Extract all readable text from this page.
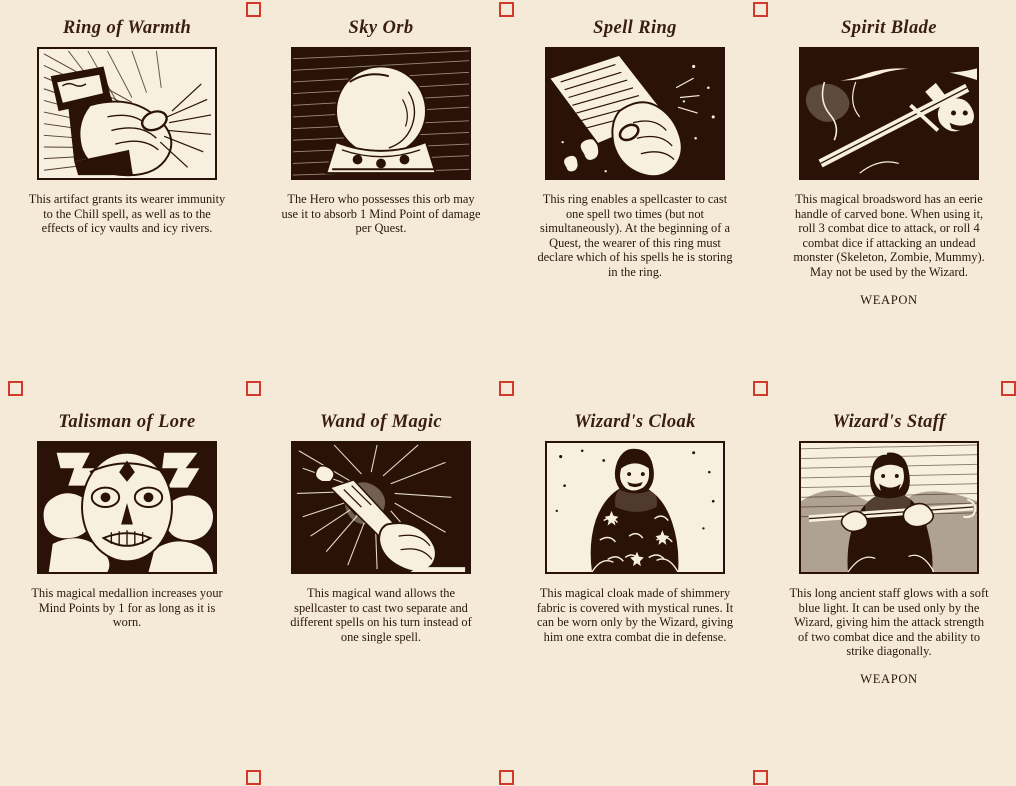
Ring of Warmth
This artifact grants its wearer immunity to the Chill spell, as well as to the effects of icy vaults and icy rivers.
Sky Orb
The Hero who possesses this orb may use it to absorb 1 Mind Point of damage per Quest.
Spell Ring
This ring enables a spellcaster to cast one spell two times (but not simultaneously). At the beginning of a Quest, the wearer of this ring must declare which of his spells he is storing in the ring.
Spirit Blade
This magical broadsword has an eerie handle of carved bone. When using it, roll 3 combat dice to attack, or roll 4 combat dice if attacking an undead monster (Skeleton, Zombie, Mummy). May not be used by the Wizard.
WEAPON
Talisman of Lore
This magical medallion increases your Mind Points by 1 for as long as it is worn.
Wand of Magic
This magical wand allows the spellcaster to cast two separate and different spells on his turn instead of one single spell.
Wizard's Cloak
This magical cloak made of shimmery fabric is covered with mystical runes. It can be worn only by the Wizard, giving him one extra combat die in defense.
Wizard's Staff
This long ancient staff glows with a soft blue light. It can be used only by the Wizard, giving him the attack strength of two combat dice and the ability to strike diagonally.
WEAPON
